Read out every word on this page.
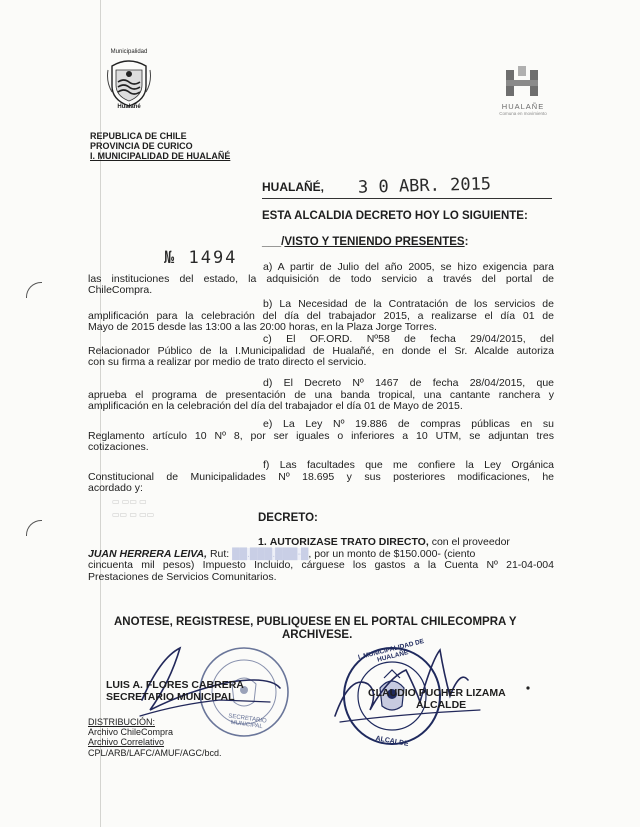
Municipalidad
Hualañé	HUALAÑE
Comuna en movimiento
REPUBLICA DE CHILE
PROVINCIA DE CURICO
I. MUNICIPALIDAD DE HUALAÑÉ
HUALAÑÉ, 3 0 ABR. 2015
ESTA ALCALDIA DECRETO HOY LO SIGUIENTE:
___/VISTO Y TENIENDO PRESENTES:
№ 1494 a) A partir de Julio del año 2005, se hizo exigencia para
las instituciones del estado, la adquisición de todo servicio a través del portal de
ChileCompra.
b) La Necesidad de la Contratación de los servicios de
amplificación para la celebración del día del trabajador 2015, a realizarse el día 01 de
Mayo de 2015 desde las 13:00 a las 20:00 horas, en la Plaza Jorge Torres.
c) El OF.ORD. Nº58 de fecha 29/04/2015, del
Relacionador Público de la I.Municipalidad de Hualañé, en donde el Sr. Alcalde autoriza
con su firma a realizar por medio de trato directo el servicio.
d) El Decreto Nº 1467 de fecha 28/04/2015, que
aprueba el programa de presentación de una banda tropical, una cantante ranchera y
amplificación en la celebración del día del trabajador el día 01 de Mayo de 2015.
e) La Ley Nº 19.886 de compras públicas en su
Reglamento artículo 10 Nº 8, por ser iguales o inferiores a 10 UTM, se adjuntan tres
cotizaciones.
f) Las facultades que me confiere la Ley Orgánica
Constitucional de Municipalidades Nº 18.695 y sus posteriores modificaciones, he
acordado y:
▭ ▭▭ ▭
▭▭ ▭ ▭▭	DECRETO:
1. AUTORIZASE TRATO DIRECTO, con el proveedor
JUAN HERRERA LEIVA, Rut: ██.███.███-█, por un monto de $150.000- (ciento
cincuenta mil pesos) Impuesto Incluido, cárguese los gastos a la Cuenta Nº 21-04-004
Prestaciones de Servicios Comunitarios.
ANOTESE, REGISTRESE, PUBLIQUESE EN EL PORTAL CHILECOMPRA Y
ARCHIVESE.
SECRETARIO MUNICIPAL
I. MUNICIPALIDAD DE HUALAÑE
ALCALDE
LUIS A. FLORES CABRERA
SECRETARIO MUNICIPAL	CLAUDIO PUCHER LIZAMA
ALCALDE
DISTRIBUCIÓN:
Archivo ChileCompra
Archivo Correlativo
CPL/ARB/LAFC/AMUF/AGC/bcd.
